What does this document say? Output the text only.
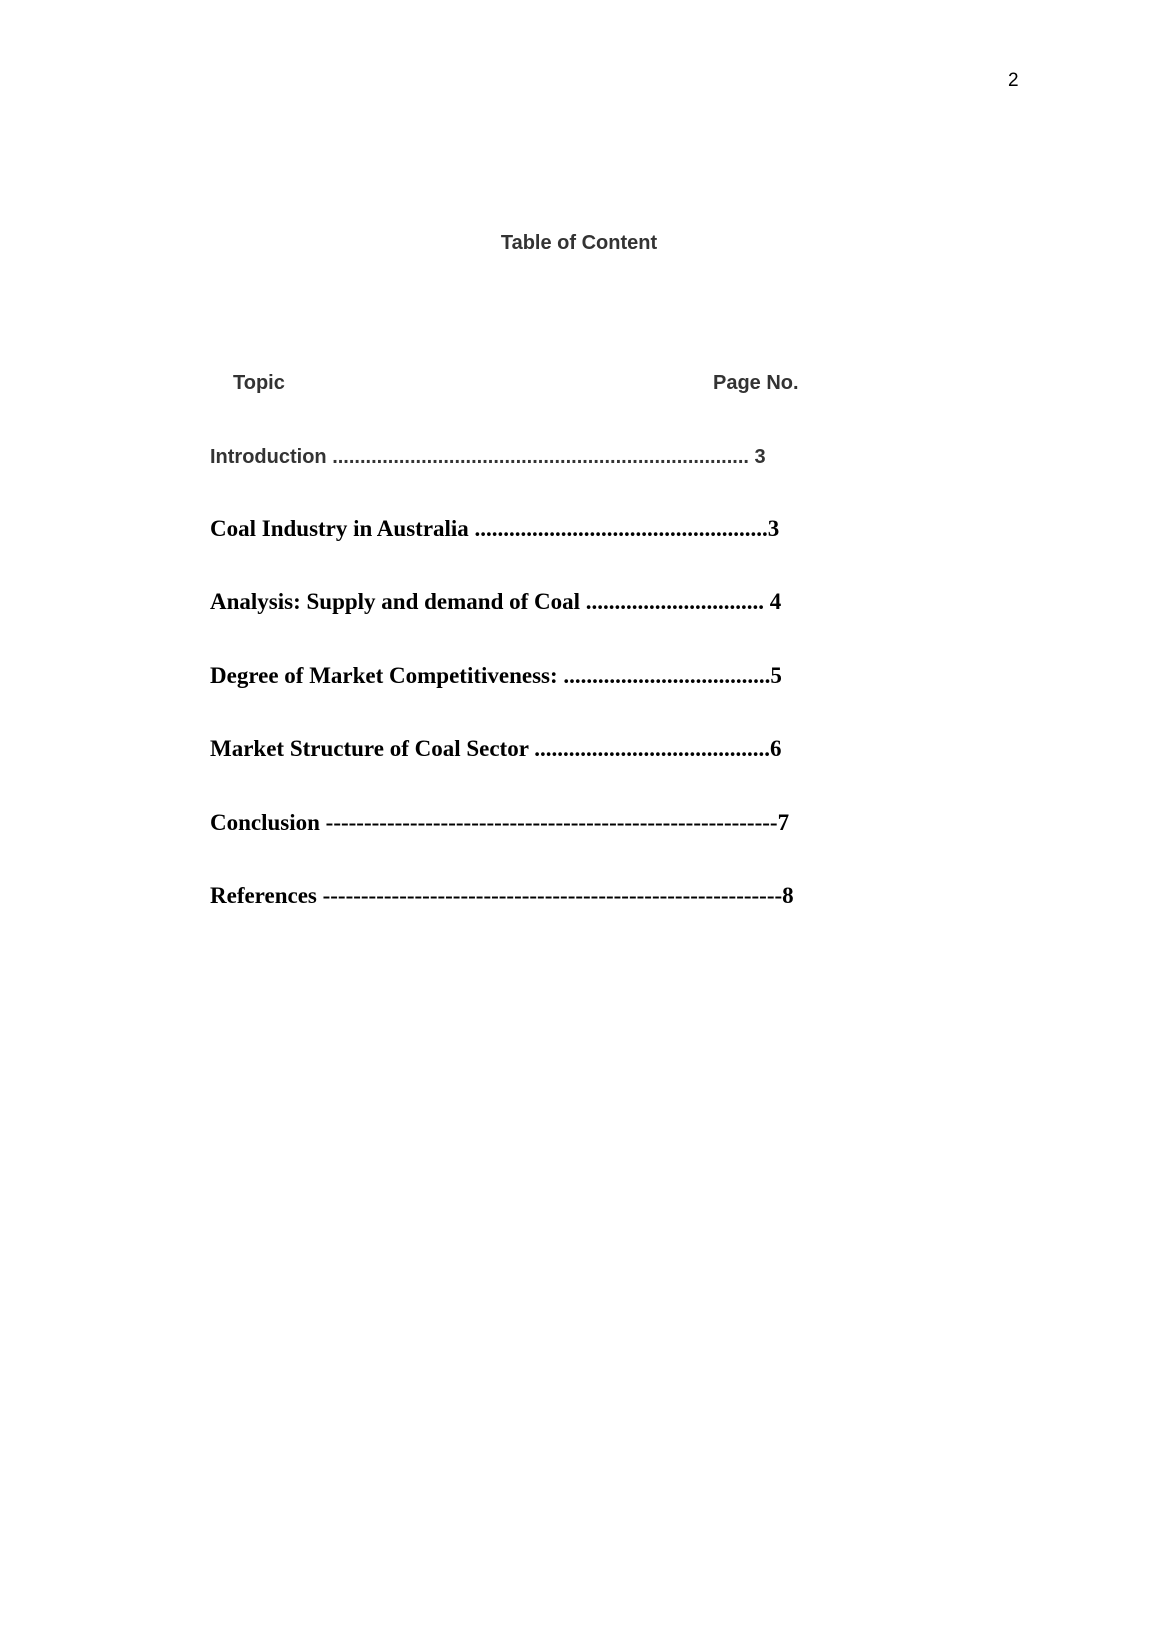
2
Table of Content
Topic	Page No.
Introduction ........................................................................... 3
Coal Industry in Australia ...................................................3
Analysis: Supply and demand of Coal ............................... 4
Degree of Market Competitiveness: ....................................5
Market Structure of Coal Sector .........................................6
Conclusion -----------------------------------------------------------7
References ------------------------------------------------------------8
